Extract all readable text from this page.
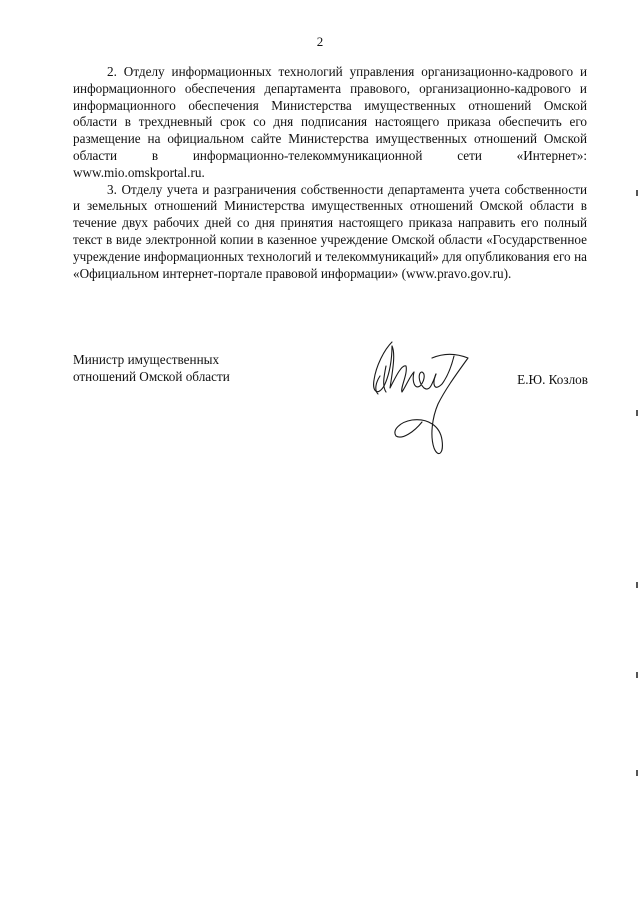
2

2. Отделу информационных технологий управления организационно-кадрового и информационного обеспечения департамента правового, организационно-кадрового и информационного обеспечения Министерства имущественных отношений Омской области в трехдневный срок со дня подписания настоящего приказа обеспечить его размещение на официальном сайте Министерства имущественных отношений Омской области в информационно-телекоммуникационной сети «Интернет»: www.mio.omskportal.ru.

3. Отделу учета и разграничения собственности департамента учета собственности и земельных отношений Министерства имущественных отношений Омской области в течение двух рабочих дней со дня принятия настоящего приказа направить его полный текст в виде электронной копии в казенное учреждение Омской области «Государственное учреждение информационных технологий и телекоммуникаций» для опубликования его на «Официальном интернет-портале правовой информации» (www.pravo.gov.ru).

Министр имущественных
отношений Омской области	Е.Ю. Козлов
